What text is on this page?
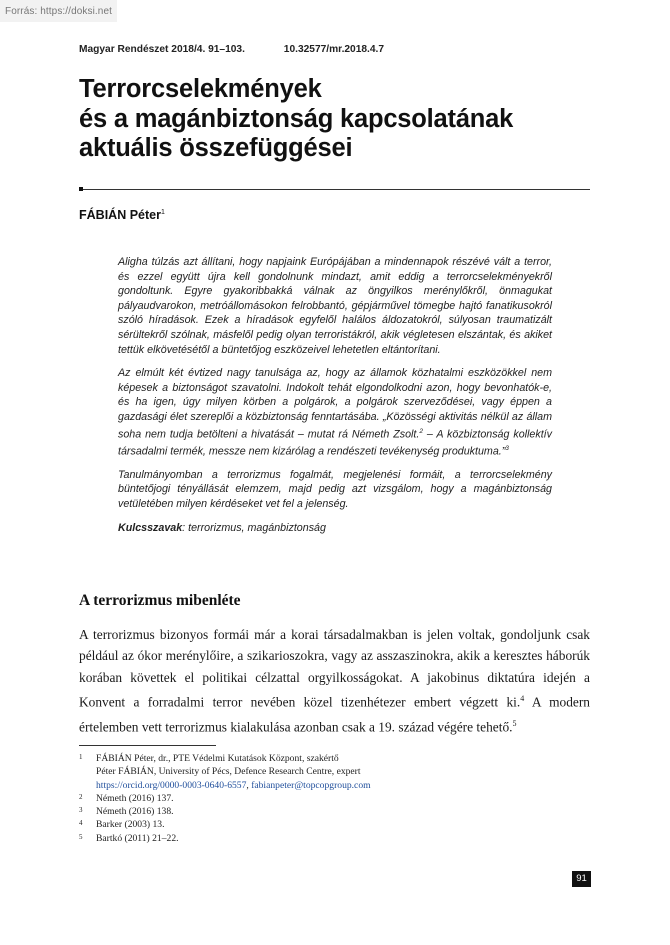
Forrás: https://doksi.net
Magyar Rendészet 2018/4. 91–103.	10.32577/mr.2018.4.7
Terrorcselekmények
és a magánbiztonság kapcsolatának
aktuális összefüggései
FÁBIÁN Péter$^1$

Aligha túlzás azt állítani, hogy napjaink Európájában a mindennapok részévé vált a terror, és ezzel együtt újra kell gondolnunk mindazt, amit eddig a terrorcselekményekről gondoltunk. Egyre gyakoribbakká válnak az öngyilkos merénylőkről, önmagukat pályaudvarokon, metróállomásokon felrobbantó, gépjárművel tömegbe hajtó fanatikusokról szóló híradások. Ezek a híradások egyfelől halálos áldozatokról, súlyosan traumatizált sérültekről szólnak, másfelől pedig olyan terroristákról, akik végletesen elszántak, és akiket tettük elkövetésétől a büntetőjog eszközeivel lehetetlen eltántorítani.

Az elmúlt két évtized nagy tanulsága az, hogy az államok közhatalmi eszközökkel nem képesek a biztonságot szavatolni. Indokolt tehát elgondolkodni azon, hogy bevonhatók-e, és ha igen, úgy milyen körben a polgárok, a polgárok szerveződései, vagy éppen a gazdasági élet szereplői a közbiztonság fenntartásába. „Közösségi aktivitás nélkül az állam soha nem tudja betölteni a hivatását – mutat rá Németh Zsolt.$^2$ – A közbiztonság kollektív társadalmi termék, messze nem kizárólag a rendészeti tevékenység produktuma.”$^3$

Tanulmányomban a terrorizmus fogalmát, megjelenési formáit, a terrorcselekmény büntetőjogi tényállását elemzem, majd pedig azt vizsgálom, hogy a magánbiztonság vetületében milyen kérdéseket vet fel a jelenség.

Kulcsszavak: terrorizmus, magánbiztonság

A terrorizmus mibenléte
A terrorizmus bizonyos formái már a korai társadalmakban is jelen voltak, gondoljunk csak például az ókor merénylőire, a szikarioszokra, vagy az asszaszinokra, akik a keresztes háborúk korában követtek el politikai célzattal orgyilkosságokat. A jakobinus diktatúra idején a Konvent a forradalmi terror nevében közel tizenhétezer embert végzett ki.$^4$ A modern értelemben vett terrorizmus kialakulása azonban csak a 19. század végére tehető.$^5$
1	FÁBIÁN Péter, dr., PTE Védelmi Kutatások Központ, szakértő
Péter FÁBIÁN, University of Pécs, Defence Research Centre, expert
https://orcid.org/0000-0003-0640-6557, fabianpeter@topcopgroup.com
2	Németh (2016) 137.
3	Németh (2016) 138.
4	Barker (2003) 13.
5	Bartkó (2011) 21–22.
91
